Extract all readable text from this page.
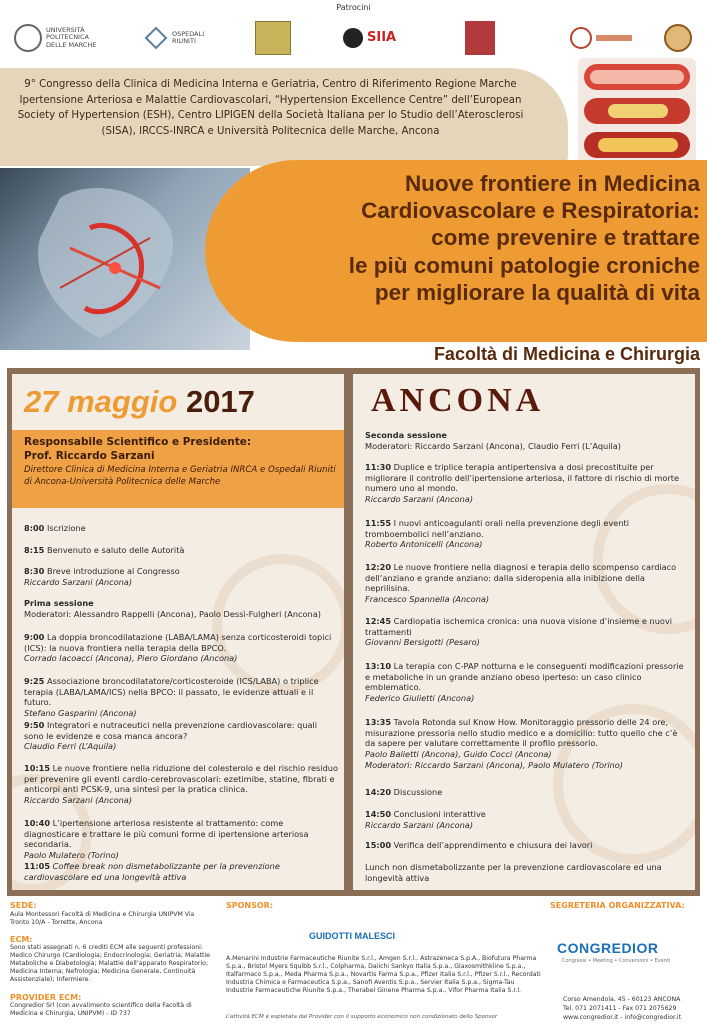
Patrocini
UNIVERSITÀ POLITECNICA DELLE MARCHE
OSPEDALI RIUNITI	SIIA
9° Congresso della Clinica di Medicina Interna e Geriatria, Centro di Riferimento Regione Marche Ipertensione Arteriosa e Malattie Cardiovascolari, “Hypertension Excellence Centre” dell’European Society of Hypertension (ESH), Centro LIPIGEN della Società Italiana per lo Studio dell’Aterosclerosi (SISA), IRCCS-INRCA e Università Politecnica delle Marche, Ancona
Nuove frontiere in Medicina
Cardiovascolare e Respiratoria:
come prevenire e trattare
le più comuni patologie croniche
per migliorare la qualità di vita
Facoltà di Medicina e Chirurgia
27 maggio 2017
Responsabile Scientifico e Presidente:
Prof. Riccardo Sarzani
Direttore Clinica di Medicina Interna e Geriatria INRCA e Ospedali Riuniti di Ancona-Università Politecnica delle Marche
8:00 Iscrizione
8:15 Benvenuto e saluto delle Autorità
8:30 Breve introduzione al Congresso
Riccardo Sarzani (Ancona)
Prima sessione
Moderatori: Alessandro Rappelli (Ancona), Paolo Dessì-Fulgheri (Ancona)
9:00 La doppia broncodilatazione (LABA/LAMA) senza corticosteroidi topici (ICS): la nuova frontiera nella terapia della BPCO.
Corrado Iacoacci (Ancona), Piero Giordano (Ancona)
9:25 Associazione broncodilatatore/corticosteroide (ICS/LABA) o triplice terapia (LABA/LAMA/ICS) nella BPCO: il passato, le evidenze attuali e il futuro.
Stefano Gasparini (Ancona)
9:50 Integratori e nutraceutici nella prevenzione cardiovascolare: quali sono le evidenze e cosa manca ancora?
Claudio Ferri (L’Aquila)
10:15 Le nuove frontiere nella riduzione del colesterolo e del rischio residuo per prevenire gli eventi cardio-cerebrovascolari: ezetimibe, statine, fibrati e anticorpi anti PCSK-9, una sintesi per la pratica clinica.
Riccardo Sarzani (Ancona)
10:40 L’ipertensione arteriosa resistente al trattamento: come diagnosticare e trattare le più comuni forme di ipertensione arteriosa secondaria.
Paolo Mulatero (Torino)
11:05 Coffee break non dismetabolizzante per la prevenzione cardiovascolare ed una longevità attiva
ANCONA
Seconda sessione
Moderatori: Riccardo Sarzani (Ancona), Claudio Ferri (L’Aquila)
11:30 Duplice e triplice terapia antipertensiva a dosi precostituite per migliorare il controllo dell’ipertensione arteriosa, il fattore di rischio di morte numero uno al mondo.
Riccardo Sarzani (Ancona)
11:55 I nuovi anticoagulanti orali nella prevenzione degli eventi tromboembolici nell’anziano.
Roberto Antonicelli (Ancona)
12:20 Le nuove frontiere nella diagnosi e terapia dello scompenso cardiaco dell’anziano e grande anziano: dalla sideropenia alla inibizione della neprilisina.
Francesco Spannella (Ancona)
12:45 Cardiopatia ischemica cronica: una nuova visione d’insieme e nuovi trattamenti
Giovanni Bersigotti (Pesaro)
13:10 La terapia con C-PAP notturna e le conseguenti modificazioni pressorie e metaboliche in un grande anziano obeso iperteso: un caso clinico emblematico.
Federico Giulietti (Ancona)
13:35 Tavola Rotonda sul Know How. Monitoraggio pressorio delle 24 ore, misurazione pressoria nello studio medico e a domicilio: tutto quello che c’è da sapere per valutare correttamente il profilo pressorio.
Paolo Balietti (Ancona), Guido Cocci (Ancona)
Moderatori: Riccardo Sarzani (Ancona), Paolo Mulatero (Torino)
14:20 Discussione
14:50 Conclusioni interattive
Riccardo Sarzani (Ancona)
15:00 Verifica dell’apprendimento e chiusura dei lavori
Lunch non dismetabolizzante per la prevenzione cardiovascolare ed una longevità attiva
SEDE:
Aula Montessori Facoltà di Medicina e Chirurgia UNIPVM Via Tronto 10/A - Torrette, Ancona
ECM:
Sono stati assegnati n. 6 crediti ECM alle seguenti professioni: Medico Chirurgo (Cardiologia; Endocrinologia; Geriatria; Malattie Metaboliche e Diabetologia; Malattie dell’apparato Respiratorio; Medicina Interna; Nefrologia; Medicina Generale, Continuità Assistenziale); Infermiere.
PROVIDER ECM:
Congredior Srl (con avvalimento scientifico della Facoltà di Medicina e Chirurgia, UNIPVM) - ID 737
SPONSOR:
GUIDOTTI MALESCI
A.Menarini Industrie Farmaceutiche Riunite S.r.l., Amgen S.r.l., Astrazeneca S.p.A., Biofutura Pharma S.p.a., Bristol Myers Squibb S.r.l., Colpharma, Daiichi Sankyo Italia S.p.a., Glaxosmithkline S.p.a., Italfarmaco S.p.a., Meda Pharma S.p.a., Novartis Farma S.p.a., Pfizer Italia S.r.l., Pfizer S.r.l., Recordati Industria Chimica e Farmaceutica S.p.a., Sanofi Aventis S.p.a., Servier Italia S.p.a., Sigma-Tau Industrie Farmaceutiche Riunite S.p.a., Therabel Ginene Pharma S.p.a., Vifor Pharma Italia S.r.l.
L’attività ECM è espletata dal Provider con il supporto economico non condizionato dello Sponsor
SEGRETERIA ORGANIZZATIVA:
CONGREDIOR
Congressi • Meeting • Conversioni • Eventi
Corso Amendola, 45 - 60123 ANCONA
Tel. 071 2071411 - Fax 071 2075629
www.congredior.it - info@congredior.it
